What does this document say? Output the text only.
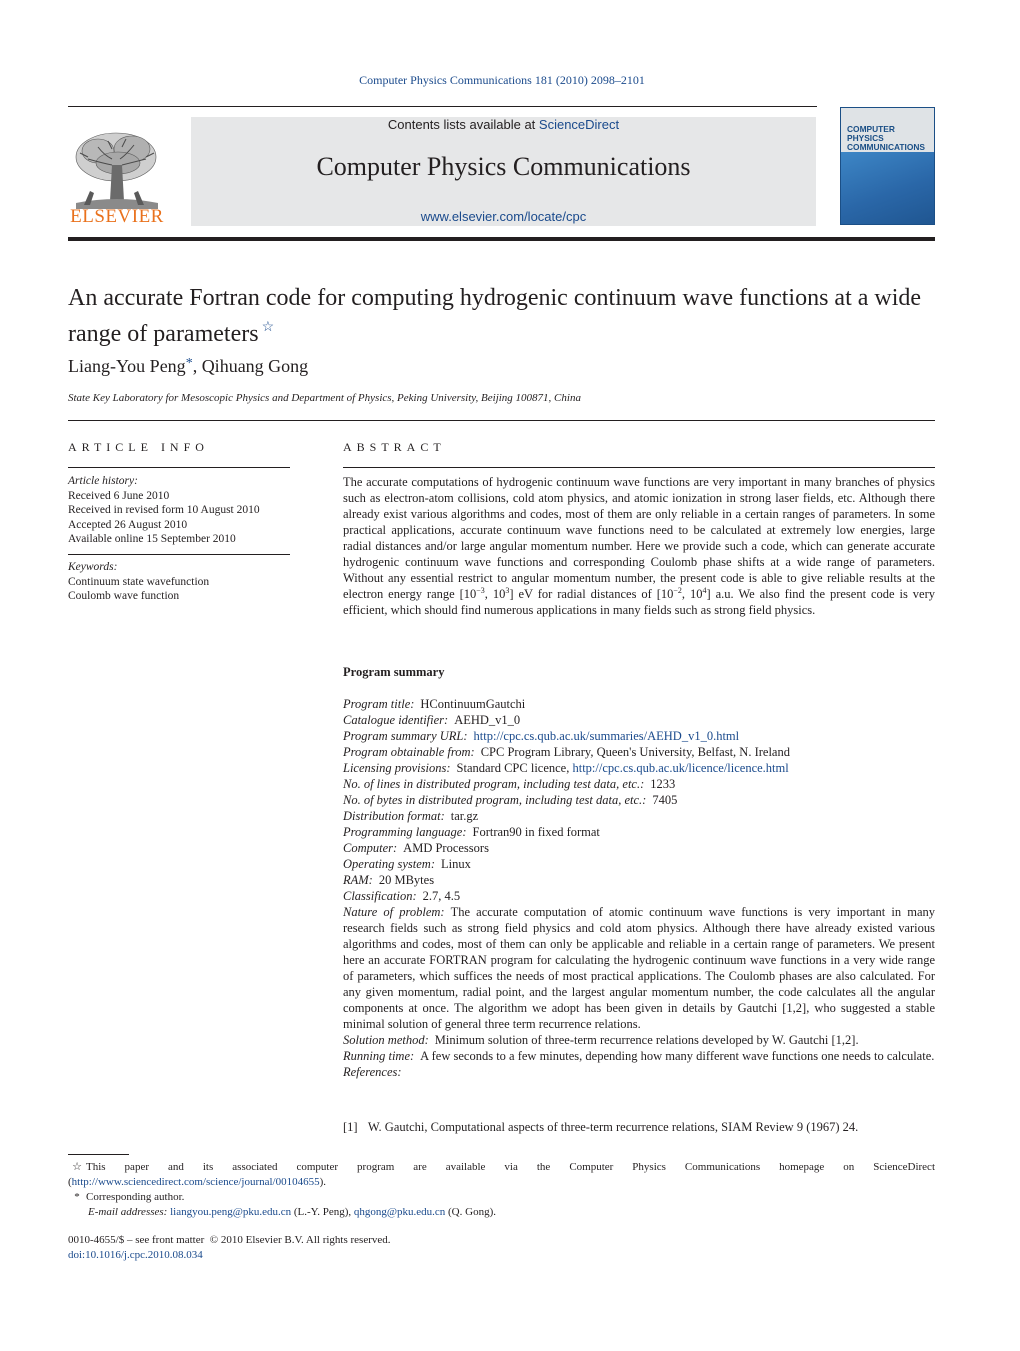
Computer Physics Communications 181 (2010) 2098–2101
ELSEVIER
Contents lists available at ScienceDirect
Computer Physics Communications
www.elsevier.com/locate/cpc
COMPUTER PHYSICS COMMUNICATIONS
An accurate Fortran code for computing hydrogenic continuum wave functions at a wide range of parameters ☆
Liang-You Peng*, Qihuang Gong
State Key Laboratory for Mesoscopic Physics and Department of Physics, Peking University, Beijing 100871, China
ARTICLE INFO	ABSTRACT
Article history:
Received 6 June 2010
Received in revised form 10 August 2010
Accepted 26 August 2010
Available online 15 September 2010
Keywords:
Continuum state wavefunction
Coulomb wave function
The accurate computations of hydrogenic continuum wave functions are very important in many branches of physics such as electron-atom collisions, cold atom physics, and atomic ionization in strong laser fields, etc. Although there already exist various algorithms and codes, most of them are only reliable in a certain ranges of parameters. In some practical applications, accurate continuum wave functions need to be calculated at extremely low energies, large radial distances and/or large angular momentum number. Here we provide such a code, which can generate accurate hydrogenic continuum wave functions and corresponding Coulomb phase shifts at a wide range of parameters. Without any essential restrict to angular momentum number, the present code is able to give reliable results at the electron energy range [$10^{-3}$, $10^3$] eV for radial distances of [$10^{-2}$, $10^4$] a.u. We also find the present code is very efficient, which should find numerous applications in many fields such as strong field physics.
Program summary
Program title: HContinuumGautchi
Catalogue identifier: AEHD_v1_0
Program summary URL: http://cpc.cs.qub.ac.uk/summaries/AEHD_v1_0.html
Program obtainable from: CPC Program Library, Queen's University, Belfast, N. Ireland
Licensing provisions: Standard CPC licence, http://cpc.cs.qub.ac.uk/licence/licence.html
No. of lines in distributed program, including test data, etc.: 1233
No. of bytes in distributed program, including test data, etc.: 7405
Distribution format: tar.gz
Programming language: Fortran90 in fixed format
Computer: AMD Processors
Operating system: Linux
RAM: 20 MBytes
Classification: 2.7, 4.5
Nature of problem: The accurate computation of atomic continuum wave functions is very important in many research fields such as strong field physics and cold atom physics. Although there have already existed various algorithms and codes, most of them can only be applicable and reliable in a certain range of parameters. We present here an accurate FORTRAN program for calculating the hydrogenic continuum wave functions in a very wide range of parameters, which suffices the needs of most practical applications. The Coulomb phases are also calculated. For any given momentum, radial point, and the largest angular momentum number, the code calculates all the angular components at once. The algorithm we adopt has been given in details by Gautchi [1,2], who suggested a stable minimal solution of general three term recurrence relations.
Solution method: Minimum solution of three-term recurrence relations developed by W. Gautchi [1,2].
Running time: A few seconds to a few minutes, depending how many different wave functions one needs to calculate.
References:
[1] W. Gautchi, Computational aspects of three-term recurrence relations, SIAM Review 9 (1967) 24.
☆ This paper and its associated computer program are available via the Computer Physics Communications homepage on ScienceDirect (http://www.sciencedirect.com/science/journal/00104655).
* Corresponding author.
E-mail addresses: liangyou.peng@pku.edu.cn (L.-Y. Peng), qhgong@pku.edu.cn (Q. Gong).
0010-4655/$ – see front matter  © 2010 Elsevier B.V. All rights reserved.
doi:10.1016/j.cpc.2010.08.034
